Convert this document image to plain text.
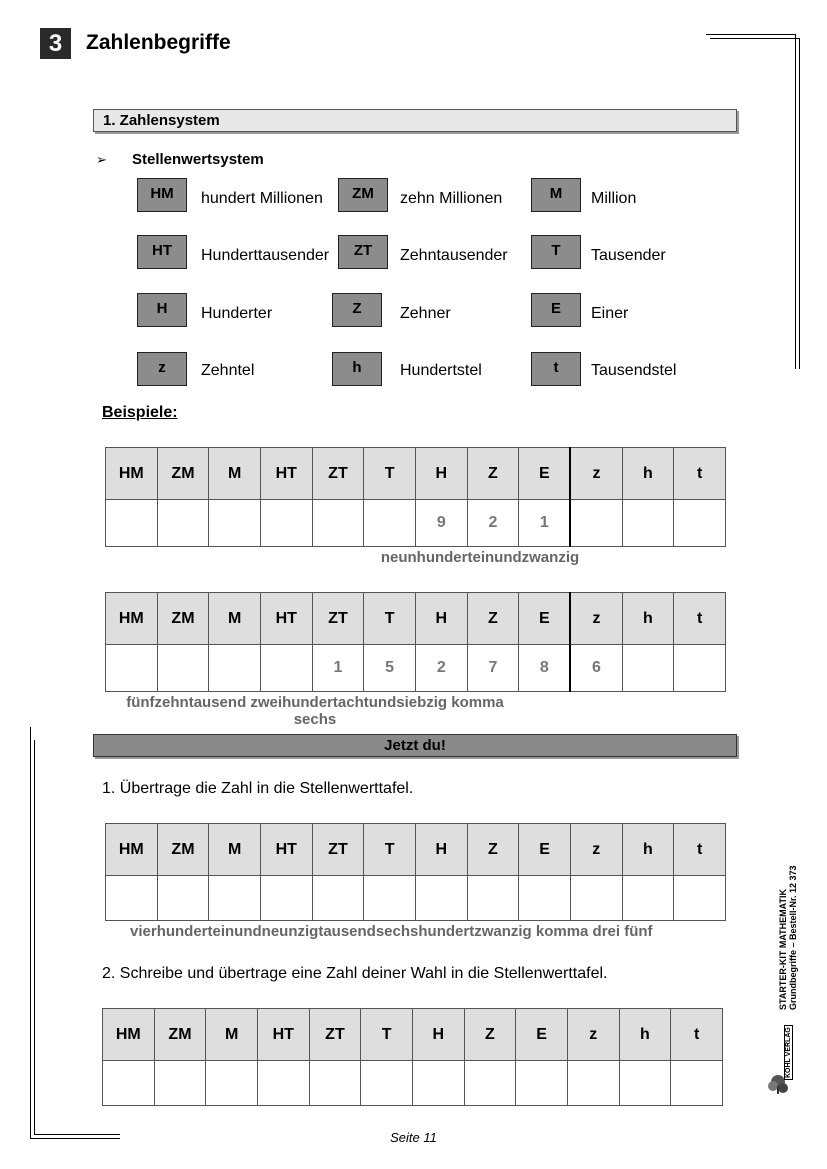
3	Zahlenbegriffe
1. Zahlensystem
➢ Stellenwertsystem
HM	hundert Millionen	ZM	zehn Millionen	M	Million
HT	Hunderttausender	ZT	Zehntausender	T	Tausender
H	Hunderter	Z	Zehner	E	Einer
z	Zehntel	h	Hundertstel	t	Tausendstel
Beispiele:
HM	ZM	M	HT	ZT	T	H	Z	E	z	h	t
						9	2	1			
neunhunderteinundzwanzig
HM	ZM	M	HT	ZT	T	H	Z	E	z	h	t
				1	5	2	7	8	6		
fünfzehntausend zweihundertachtundsiebzig komma sechs
Jetzt du!
1. Übertrage die Zahl in die Stellenwerttafel.
HM	ZM	M	HT	ZT	T	H	Z	E	z	h	t

vierhunderteinundneunzigtausendsechshundertzwanzig komma drei fünf
2. Schreibe und übertrage eine Zahl deiner Wahl in die Stellenwerttafel.
HM	ZM	M	HT	ZT	T	H	Z	E	z	h	t

STARTER-KIT MATHEMATIK Grundbegriffe – Bestell-Nr. 12 373
KOHL VERLAG
Seite 11
